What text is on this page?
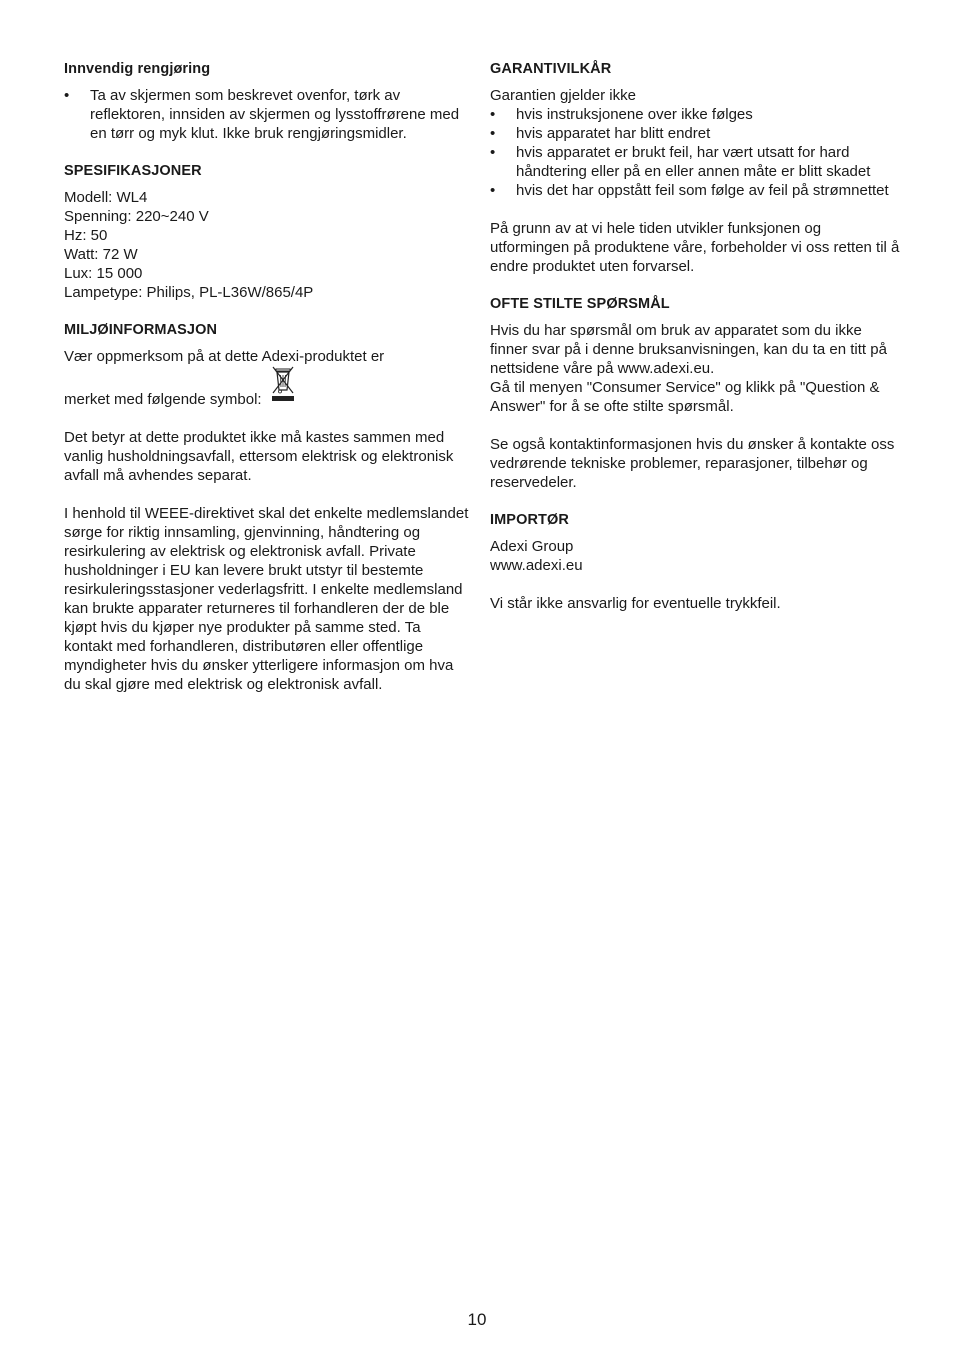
Innvendig rengjøring
• Ta av skjermen som beskrevet ovenfor, tørk av reflektoren, innsiden av skjermen og lysstoffrørene med en tørr og myk klut. Ikke bruk rengjøringsmidler.
SPESIFIKASJONER

Modell: WL4

Spenning: 220~240 V

Hz: 50

Watt: 72 W

Lux: 15 000

Lampetype: Philips, PL-L36W/865/4P

MILJØINFORMASJON

Vær oppmerksom på at dette Adexi-produktet er

merket med følgende symbol:

Det betyr at dette produktet ikke må kastes sammen med vanlig husholdningsavfall, ettersom elektrisk og elektronisk avfall må avhendes separat.

I henhold til WEEE-direktivet skal det enkelte medlemslandet sørge for riktig innsamling, gjenvinning, håndtering og resirkulering av elektrisk og elektronisk avfall. Private husholdninger i EU kan levere brukt utstyr til bestemte resirkuleringsstasjoner vederlagsfritt. I enkelte medlemsland kan brukte apparater returneres til forhandleren der de ble kjøpt hvis du kjøper nye produkter på samme sted. Ta kontakt med forhandleren, distributøren eller offentlige myndigheter hvis du ønsker ytterligere informasjon om hva du skal gjøre med elektrisk og elektronisk avfall.

GARANTIVILKÅR

Garantien gjelder ikke

• hvis instruksjonene over ikke følges
• hvis apparatet har blitt endret
• hvis apparatet er brukt feil, har vært utsatt for hard håndtering eller på en eller annen måte er blitt skadet
• hvis det har oppstått feil som følge av feil på strømnettet

På grunn av at vi hele tiden utvikler funksjonen og utformingen på produktene våre, forbeholder vi oss retten til å endre produktet uten forvarsel.

OFTE STILTE SPØRSMÅL

Hvis du har spørsmål om bruk av apparatet som du ikke finner svar på i denne bruksanvisningen, kan du ta en titt på nettsidene våre på www.adexi.eu.

Gå til menyen "Consumer Service" og klikk på "Question & Answer" for å se ofte stilte spørsmål.

Se også kontaktinformasjonen hvis du ønsker å kontakte oss vedrørende tekniske problemer, reparasjoner, tilbehør og reservedeler.

IMPORTØR

Adexi Group

www.adexi.eu

Vi står ikke ansvarlig for eventuelle trykkfeil.

10
